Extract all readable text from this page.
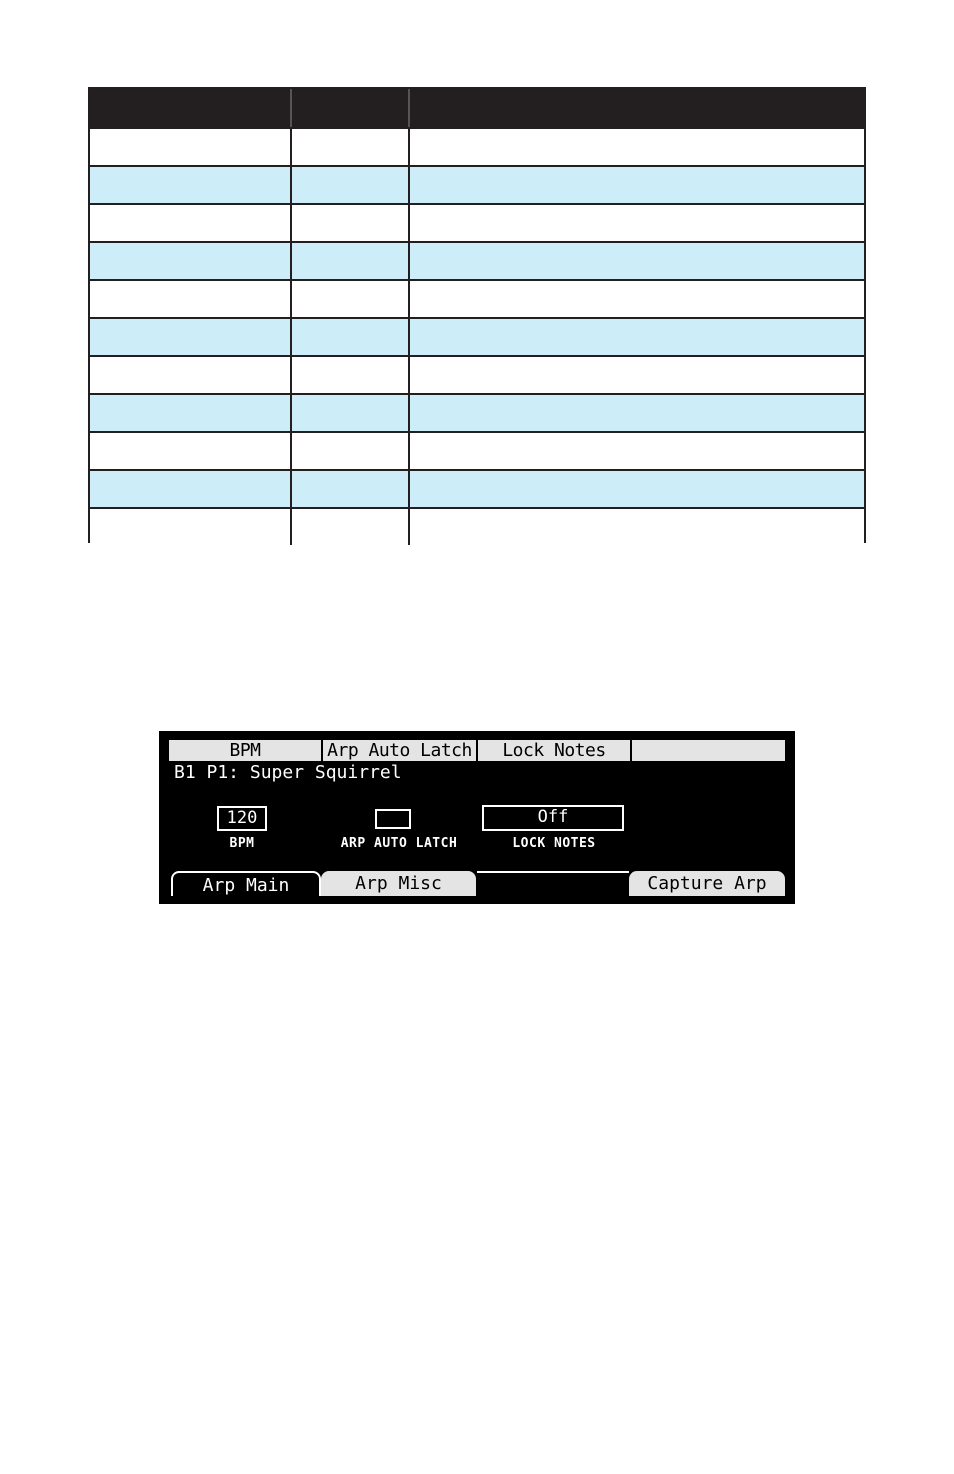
BPM	Arp Auto Latch	Lock Notes
B1 P1: Super Squirrel
120	Off
BPM	ARP AUTO LATCH	LOCK NOTES
Arp Main	Arp Misc	Capture Arp
